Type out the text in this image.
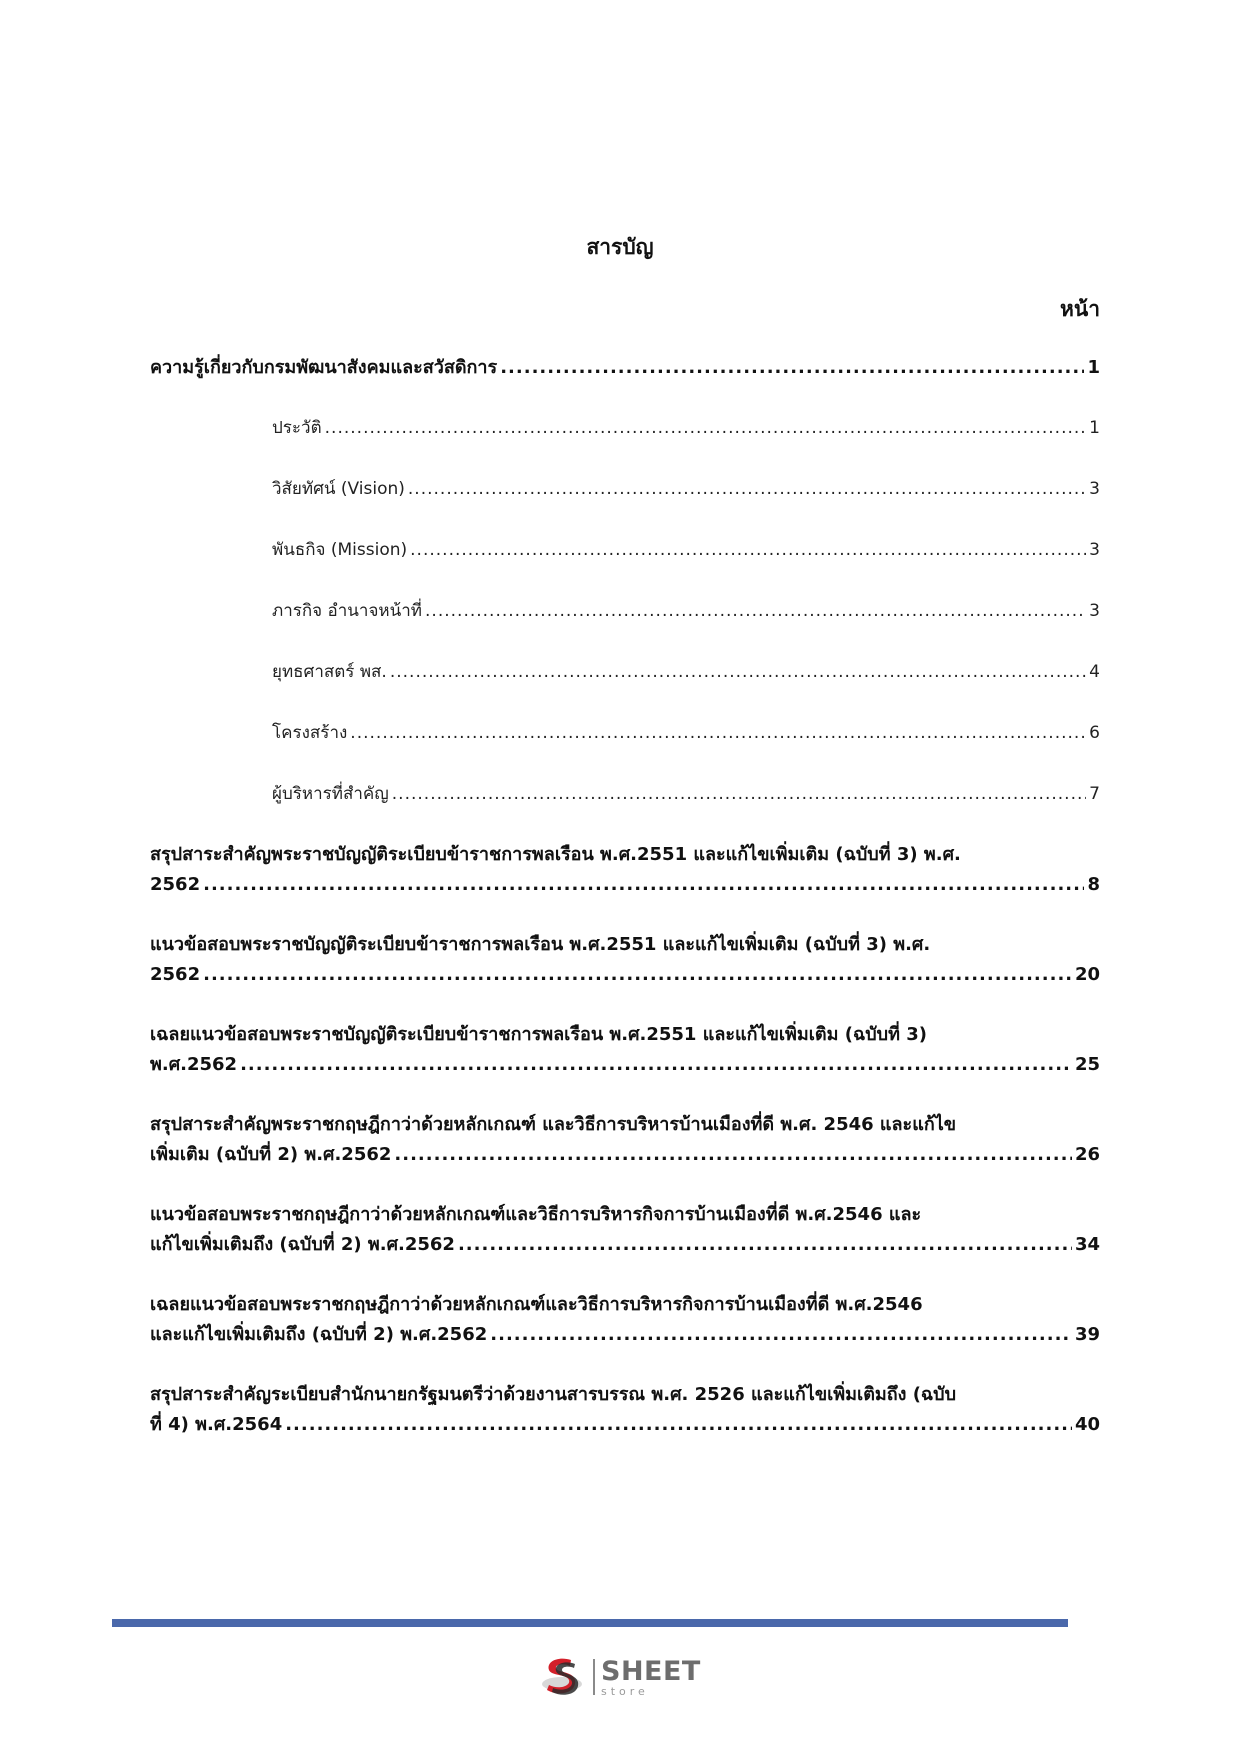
สารบัญ
หน้า
ความรู้เกี่ยวกับกรมพัฒนาสังคมและสวัสดิการ .....	1
ประวัติ .....	1
วิสัยทัศน์ (Vision) .....	3
พันธกิจ (Mission) .....	3
ภารกิจ อำนาจหน้าที่ .....	3
ยุทธศาสตร์ พส. .....	4
โครงสร้าง .....	6
ผู้บริหารที่สำคัญ .....	7
สรุปสาระสำคัญพระราชบัญญัติระเบียบข้าราชการพลเรือน พ.ศ.2551 และแก้ไขเพิ่มเติม (ฉบับที่ 3) พ.ศ.
2562 .....	8
แนวข้อสอบพระราชบัญญัติระเบียบข้าราชการพลเรือน พ.ศ.2551 และแก้ไขเพิ่มเติม (ฉบับที่ 3) พ.ศ.
2562 .....	20
เฉลยแนวข้อสอบพระราชบัญญัติระเบียบข้าราชการพลเรือน พ.ศ.2551 และแก้ไขเพิ่มเติม (ฉบับที่ 3)
พ.ศ.2562 .....	25
สรุปสาระสำคัญพระราชกฤษฎีกาว่าด้วยหลักเกณฑ์ และวิธีการบริหารบ้านเมืองที่ดี พ.ศ. 2546 และแก้ไข
เพิ่มเติม (ฉบับที่ 2) พ.ศ.2562 .....	26
แนวข้อสอบพระราชกฤษฎีกาว่าด้วยหลักเกณฑ์และวิธีการบริหารกิจการบ้านเมืองที่ดี พ.ศ.2546 และ
แก้ไขเพิ่มเติมถึง (ฉบับที่ 2) พ.ศ.2562 .....	34
เฉลยแนวข้อสอบพระราชกฤษฎีกาว่าด้วยหลักเกณฑ์และวิธีการบริหารกิจการบ้านเมืองที่ดี พ.ศ.2546
และแก้ไขเพิ่มเติมถึง (ฉบับที่ 2) พ.ศ.2562 .....	39
สรุปสาระสำคัญระเบียบสำนักนายกรัฐมนตรีว่าด้วยงานสารบรรณ พ.ศ. 2526 และแก้ไขเพิ่มเติมถึง (ฉบับ
ที่ 4) พ.ศ.2564 .....	40
SHEET
store
